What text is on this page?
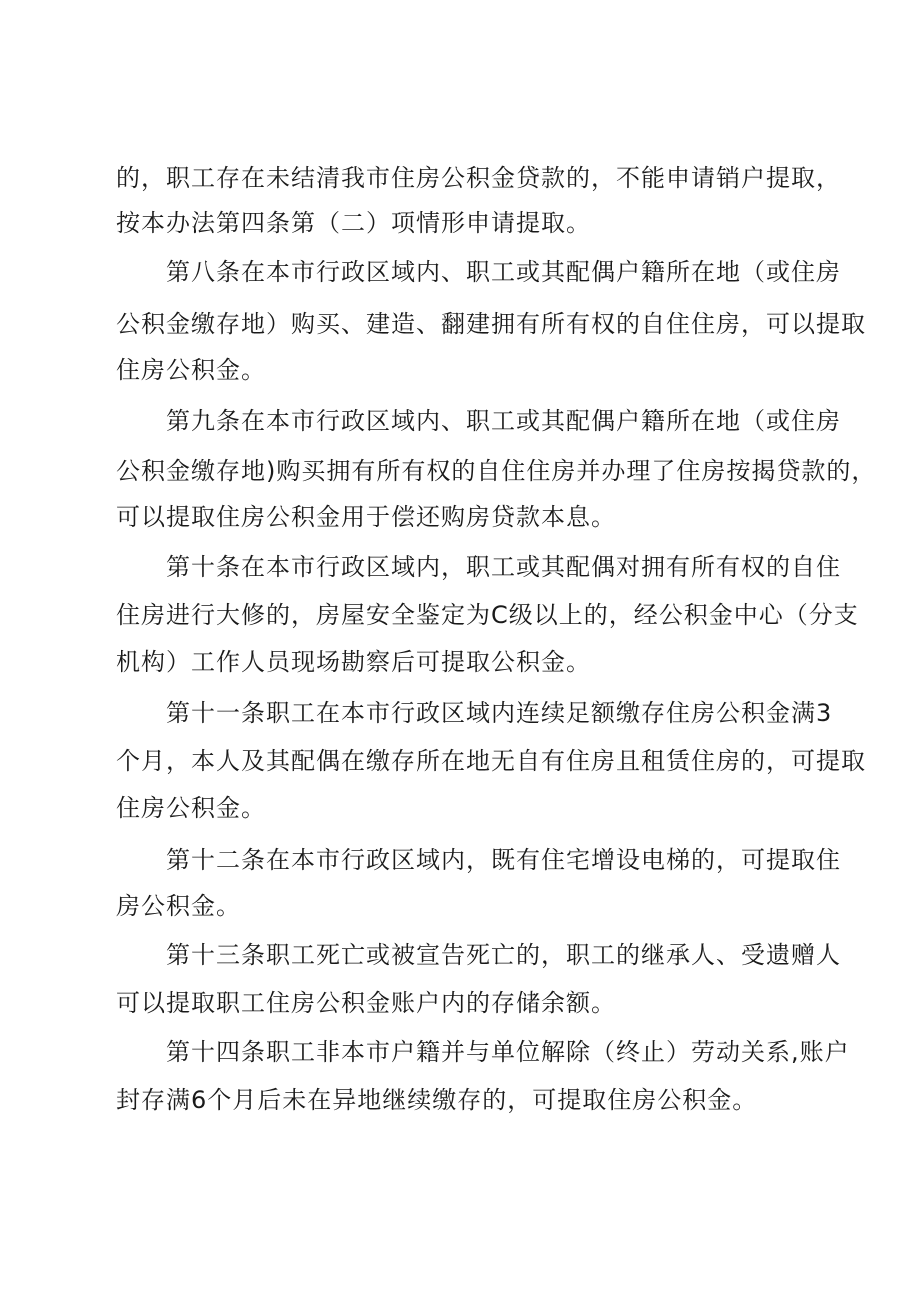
的，职工存在未结清我市住房公积金贷款的，不能申请销户提取，
按本办法第四条第（二）项情形申请提取。
第八条在本市行政区域内、职工或其配偶户籍所在地（或住房
公积金缴存地）购买、建造、翻建拥有所有权的自住住房，可以提取
住房公积金。
第九条在本市行政区域内、职工或其配偶户籍所在地（或住房
公积金缴存地)购买拥有所有权的自住住房并办理了住房按揭贷款的，
可以提取住房公积金用于偿还购房贷款本息。
第十条在本市行政区域内，职工或其配偶对拥有所有权的自住
住房进行大修的，房屋安全鉴定为C级以上的，经公积金中心（分支
机构）工作人员现场勘察后可提取公积金。
第十一条职工在本市行政区域内连续足额缴存住房公积金满3
个月，本人及其配偶在缴存所在地无自有住房且租赁住房的，可提取
住房公积金。
第十二条在本市行政区域内，既有住宅增设电梯的，可提取住
房公积金。
第十三条职工死亡或被宣告死亡的，职工的继承人、受遗赠人
可以提取职工住房公积金账户内的存储余额。
第十四条职工非本市户籍并与单位解除（终止）劳动关系,账户
封存满6个月后未在异地继续缴存的，可提取住房公积金。
